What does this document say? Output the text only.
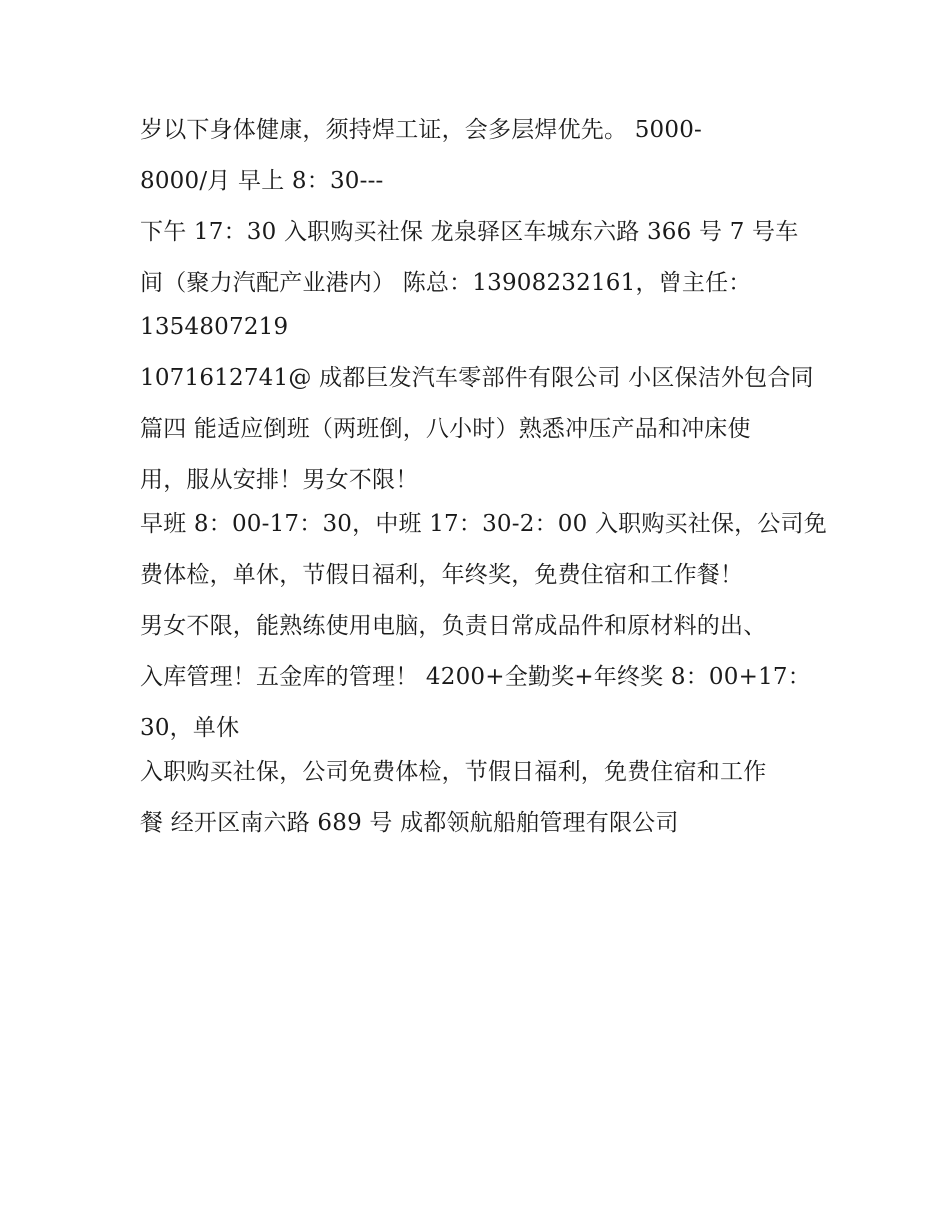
岁以下身体健康，须持焊工证，会多层焊优先。 5000-
8000/月 早上 8：30---
下午 17：30 入职购买社保 龙泉驿区车城东六路 366 号 7 号车
间（聚力汽配产业港内） 陈总：13908232161，曾主任：
1354807219
1071612741@ 成都巨发汽车零部件有限公司 小区保洁外包合同
篇四 能适应倒班（两班倒，八小时）熟悉冲压产品和冲床使
用，服从安排！男女不限！
早班 8：00-17：30，中班 17：30-2：00 入职购买社保，公司免
费体检，单休，节假日福利，年终奖，免费住宿和工作餐！
男女不限，能熟练使用电脑，负责日常成品件和原材料的出、
入库管理！五金库的管理！ 4200+全勤奖+年终奖 8：00+17：
30，单休
入职购买社保，公司免费体检，节假日福利，免费住宿和工作
餐 经开区南六路 689 号 成都领航船舶管理有限公司
